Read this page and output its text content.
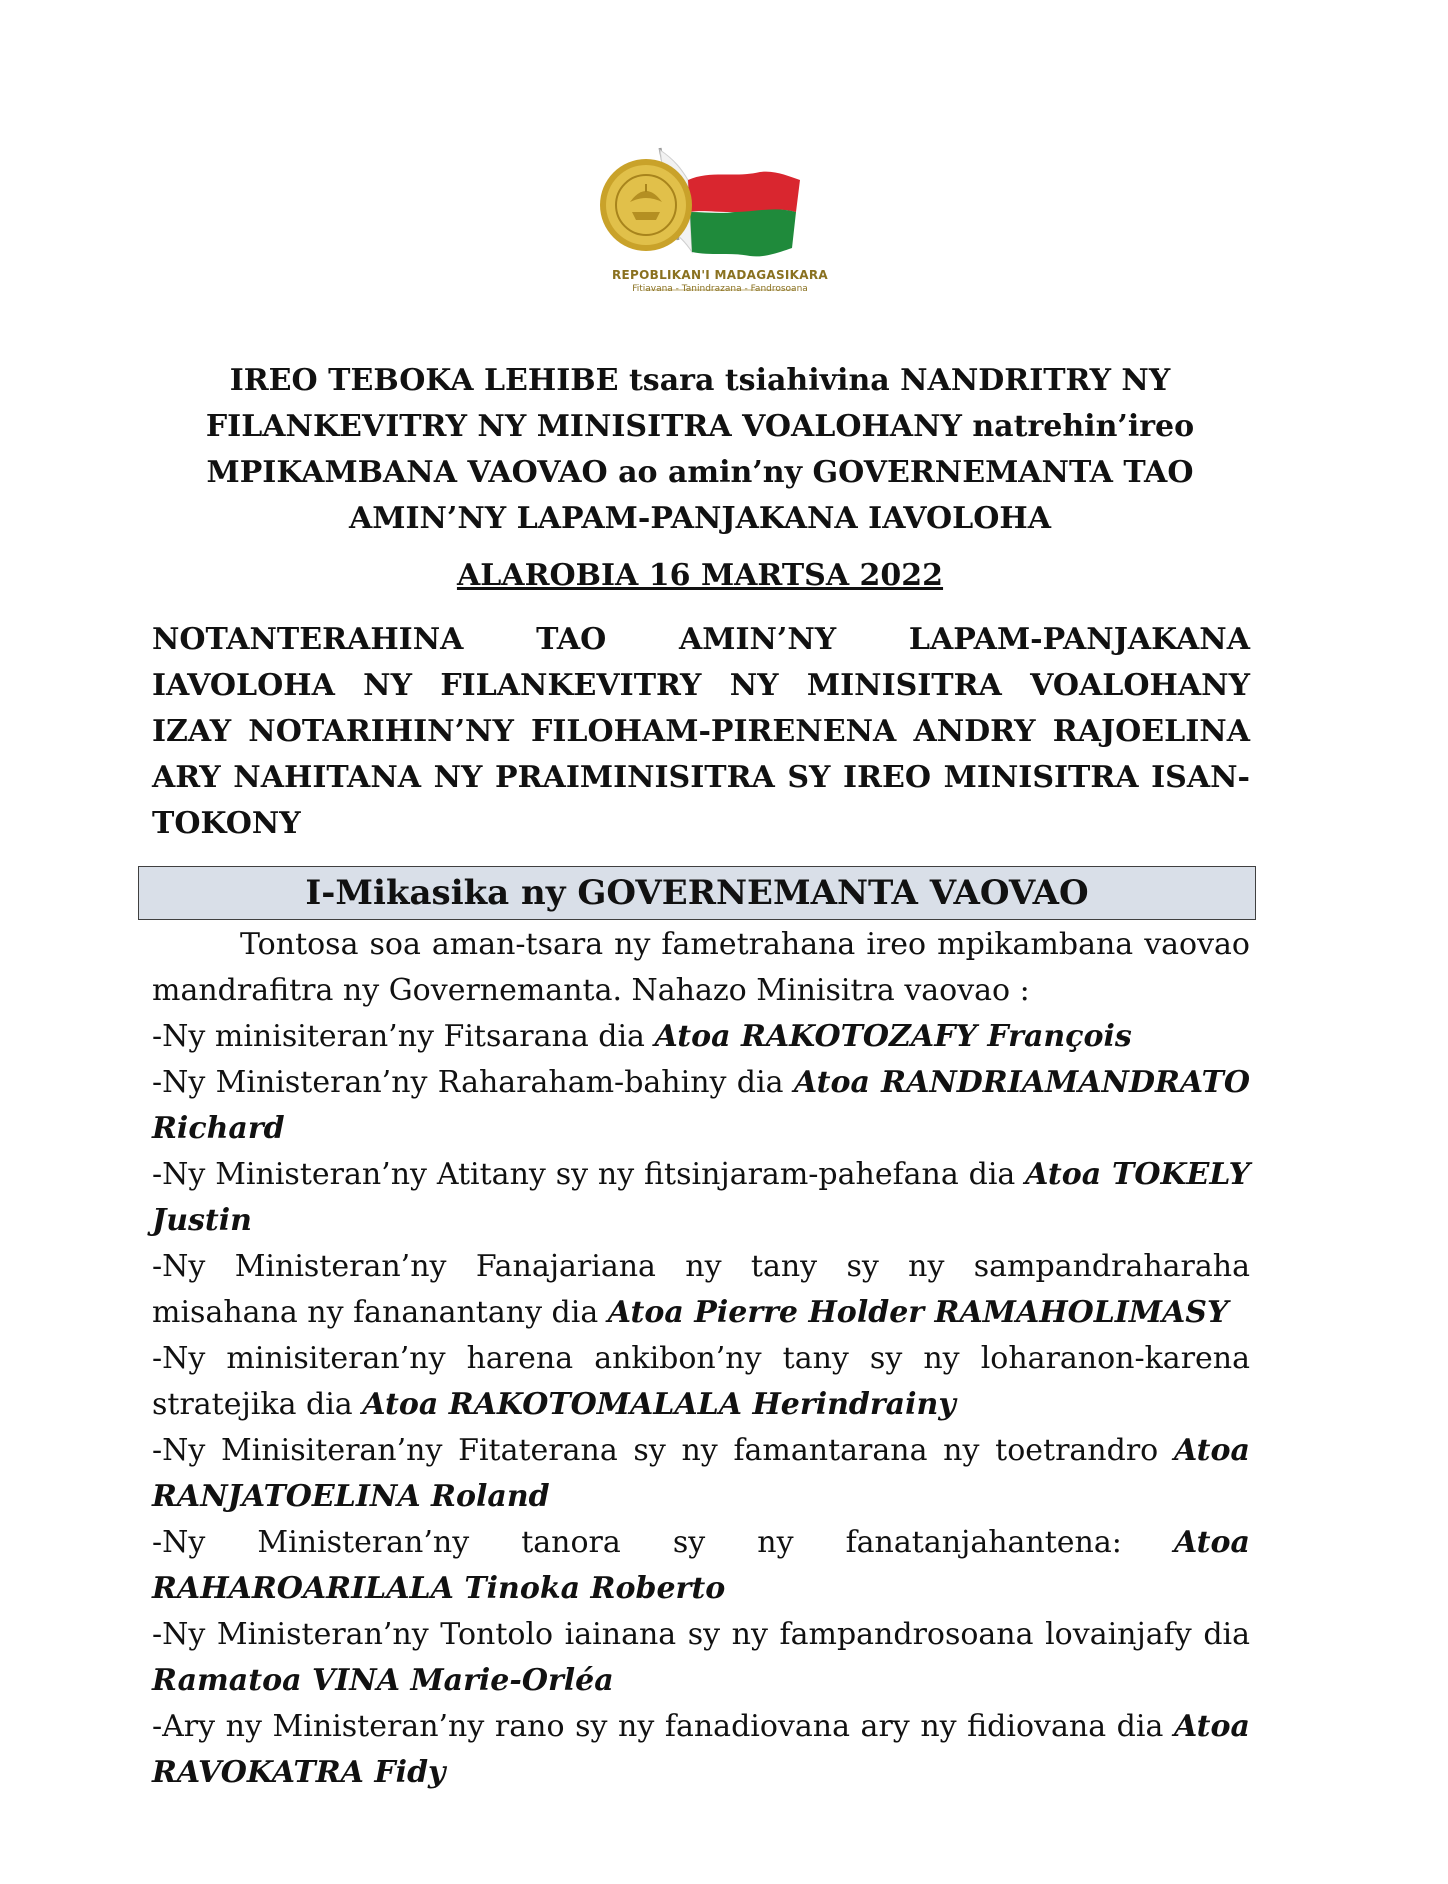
REPOBLIKAN'I MADAGASIKARA
Fitiavana - Tanindrazana - Fandrosoana

IREO TEBOKA LEHIBE tsara tsiahivina NANDRITRY NY FILANKEVITRY NY MINISITRA VOALOHANY natrehin’ireo MPIKAMBANA VAOVAO ao amin’ny GOVERNEMANTA TAO AMIN’NY LAPAM-PANJAKANA IAVOLOHA

ALAROBIA 16 MARTSA 2022

NOTANTERAHINA TAO AMIN’NY LAPAM-PANJAKANA IAVOLOHA NY FILANKEVITRY NY MINISITRA VOALOHANY IZAY NOTARIHIN’NY FILOHAM-PIRENENA ANDRY RAJOELINA ARY NAHITANA NY PRAIMINISITRA SY IREO MINISITRA ISAN-TOKONY

I-Mikasika ny GOVERNEMANTA VAOVAO

Tontosa soa aman-tsara ny fametrahana ireo mpikambana vaovao mandrafitra ny Governemanta. Nahazo Minisitra vaovao :

-Ny minisiteran’ny Fitsarana dia Atoa RAKOTOZAFY François

-Ny Ministeran’ny Raharaham-bahiny dia Atoa RANDRIAMANDRATO Richard

-Ny Ministeran’ny Atitany sy ny fitsinjaram-pahefana dia Atoa TOKELY Justin

-Ny Ministeran’ny Fanajariana ny tany sy ny sampandraharaha misahana ny fananantany dia Atoa Pierre Holder RAMAHOLIMASY

-Ny minisiteran’ny harena ankibon’ny tany sy ny loharanon-karena stratejika dia Atoa RAKOTOMALALA Herindrainy

-Ny Minisiteran’ny Fitaterana sy ny famantarana ny toetrandro Atoa RANJATOELINA Roland

-Ny Ministeran’ny tanora sy ny fanatanjahantena: Atoa RAHAROARILALA Tinoka Roberto

-Ny Ministeran’ny Tontolo iainana sy ny fampandrosoana lovainjafy dia Ramatoa VINA Marie-Orléa

-Ary ny Ministeran’ny rano sy ny fanadiovana ary ny fidiovana dia Atoa RAVOKATRA Fidy
